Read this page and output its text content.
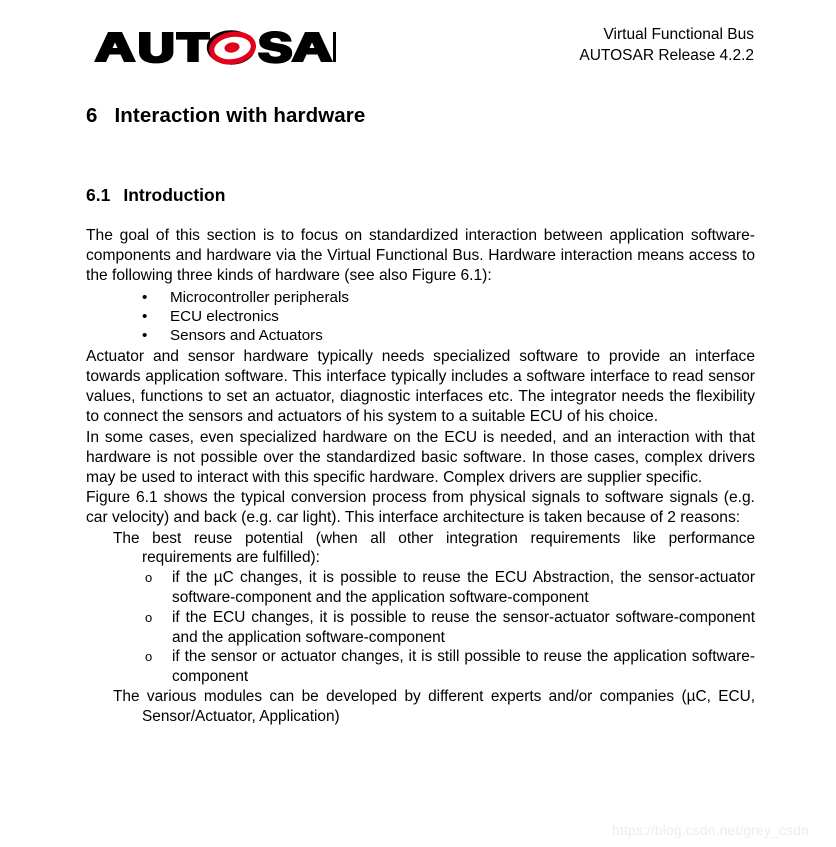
Virtual Functional Bus
AUTOSAR Release 4.2.2
6 Interaction with hardware
6.1 Introduction

The goal of this section is to focus on standardized interaction between application software-components and hardware via the Virtual Functional Bus. Hardware interaction means access to the following three kinds of hardware (see also Figure 6.1):

• Microcontroller peripherals
• ECU electronics
• Sensors and Actuators

Actuator and sensor hardware typically needs specialized software to provide an interface towards application software. This interface typically includes a software interface to read sensor values, functions to set an actuator, diagnostic interfaces etc. The integrator needs the flexibility to connect the sensors and actuators of his system to a suitable ECU of his choice.

In some cases, even specialized hardware on the ECU is needed, and an interaction with that hardware is not possible over the standardized basic software. In those cases, complex drivers may be used to interact with this specific hardware. Complex drivers are supplier specific.

Figure 6.1 shows the typical conversion process from physical signals to software signals (e.g. car velocity) and back (e.g. car light). This interface architecture is taken because of 2 reasons:

The best reuse potential (when all other integration requirements like performance requirements are fulfilled):
o if the µC changes, it is possible to reuse the ECU Abstraction, the sensor-actuator software-component and the application software-component
o if the ECU changes, it is possible to reuse the sensor-actuator software-component and the application software-component
o if the sensor or actuator changes, it is still possible to reuse the application software-component
The various modules can be developed by different experts and/or companies (µC, ECU, Sensor/Actuator, Application)
https://blog.csdn.net/grey_csdn
